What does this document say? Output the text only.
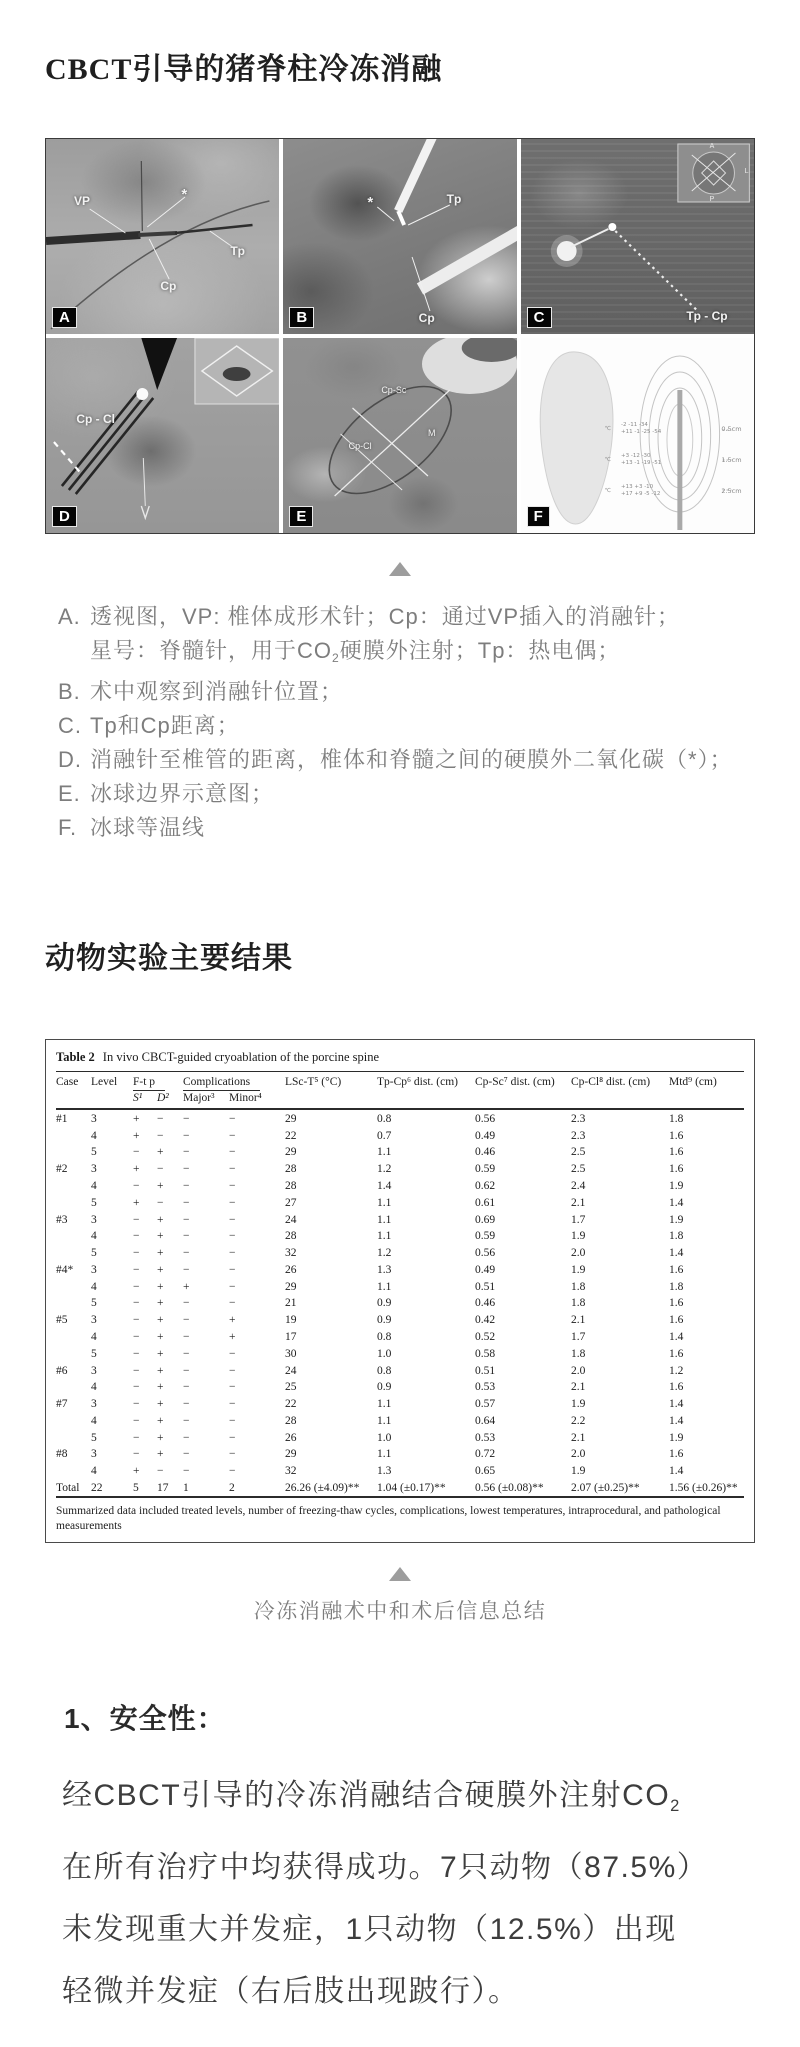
CBCT引导的猪脊柱冷冻消融
VP	*
Tp
Cp
A
*	Tp
Cp
B
A
L
P
Tp - Cp
C
Cp - Cl
D
Cp-Sc
Cp-Cl
M
E
℃
-2 -11 -34
+11 -1 -25 -54	0.5cm
℃
+3 -12 -30
+13 -1 -19 -51	1.5cm
℃
+13 +3 -10
+17 +9 -5 -12	2.5cm
F
A. 透视图，VP: 椎体成形术针；Cp：通过VP插入的消融针；
星号：脊髓针，用于$CO_2$硬膜外注射；Tp：热电偶；
B. 术中观察到消融针位置；
C. Tp和Cp距离；
D. 消融针至椎管的距离，椎体和脊髓之间的硬膜外二氧化碳（*）；
E. 冰球边界示意图；
F. 冰球等温线
动物实验主要结果
Table 2 In vivo CBCT-guided cryoablation of the porcine spine
Case	Level	F-t p		Complications		LSc-T⁵ (°C)	Tp-Cp⁶ dist. (cm)	Cp-Sc⁷ dist. (cm)	Cp-Cl⁸ dist. (cm)	Mtd⁹ (cm)
		S¹	D²	Major³	Minor⁴					
#1	3	+	−	−	−	29	0.8	0.56	2.3	1.8
	4	+	−	−	−	22	0.7	0.49	2.3	1.6
	5	−	+	−	−	29	1.1	0.46	2.5	1.6
#2	3	+	−	−	−	28	1.2	0.59	2.5	1.6
	4	−	+	−	−	28	1.4	0.62	2.4	1.9
	5	+	−	−	−	27	1.1	0.61	2.1	1.4
#3	3	−	+	−	−	24	1.1	0.69	1.7	1.9
	4	−	+	−	−	28	1.1	0.59	1.9	1.8
	5	−	+	−	−	32	1.2	0.56	2.0	1.4
#4*	3	−	+	−	−	26	1.3	0.49	1.9	1.6
	4	−	+	+	−	29	1.1	0.51	1.8	1.8
	5	−	+	−	−	21	0.9	0.46	1.8	1.6
#5	3	−	+	−	+	19	0.9	0.42	2.1	1.6
	4	−	+	−	+	17	0.8	0.52	1.7	1.4
	5	−	+	−	−	30	1.0	0.58	1.8	1.6
#6	3	−	+	−	−	24	0.8	0.51	2.0	1.2
	4	−	+	−	−	25	0.9	0.53	2.1	1.6
#7	3	−	+	−	−	22	1.1	0.57	1.9	1.4
	4	−	+	−	−	28	1.1	0.64	2.2	1.4
	5	−	+	−	−	26	1.0	0.53	2.1	1.9
#8	3	−	+	−	−	29	1.1	0.72	2.0	1.6
	4	+	−	−	−	32	1.3	0.65	1.9	1.4
Total	22	5	17	1	2	26.26 (±4.09)**	1.04 (±0.17)**	0.56 (±0.08)**	2.07 (±0.25)**	1.56 (±0.26)**
Summarized data included treated levels, number of freezing-thaw cycles, complications, lowest temperatures, intraprocedural, and pathological measurements
冷冻消融术中和术后信息总结
1、安全性：
经CBCT引导的冷冻消融结合硬膜外注射$CO_2$
在所有治疗中均获得成功。7只动物（87.5%）
未发现重大并发症，1只动物（12.5%）出现
轻微并发症（右后肢出现跛行）。
